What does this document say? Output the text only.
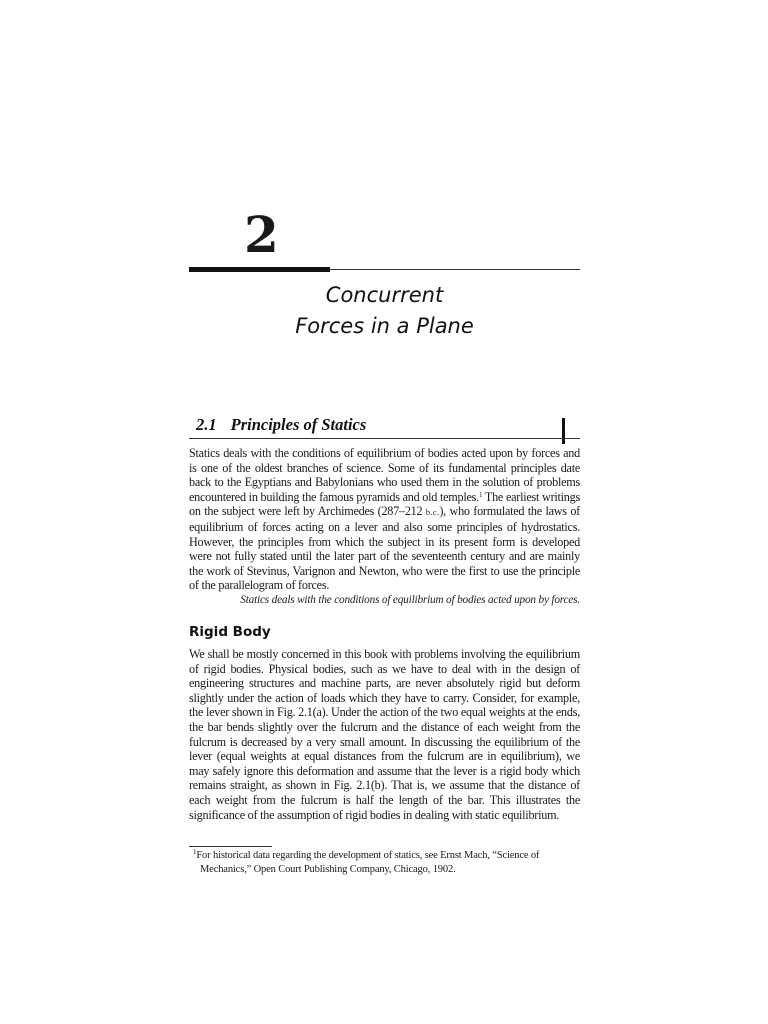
2
Concurrent
Forces in a Plane
2.1 Principles of Statics
Statics deals with the conditions of equilibrium of bodies acted upon by forces and is one of the oldest branches of science. Some of its fundamental principles date back to the Egyptians and Babylonians who used them in the solution of problems encountered in building the famous pyramids and old temples.$^1$ The earliest writings on the subject were left by Archimedes (287–212 b.c.), who formulated the laws of equilibrium of forces acting on a lever and also some principles of hydrostatics. However, the principles from which the subject in its present form is developed were not fully stated until the later part of the seventeenth century and are mainly the work of Stevinus, Varignon and Newton, who were the first to use the principle of the parallelogram of forces.
Statics deals with the conditions of equilibrium of bodies acted upon by forces.
Rigid Body
We shall be mostly concerned in this book with problems involving the equilibrium of rigid bodies. Physical bodies, such as we have to deal with in the design of engineering structures and machine parts, are never absolutely rigid but deform slightly under the action of loads which they have to carry. Consider, for example, the lever shown in Fig. 2.1(a). Under the action of the two equal weights at the ends, the bar bends slightly over the fulcrum and the distance of each weight from the fulcrum is decreased by a very small amount. In discussing the equilibrium of the lever (equal weights at equal distances from the fulcrum are in equilibrium), we may safely ignore this deformation and assume that the lever is a rigid body which remains straight, as shown in Fig. 2.1(b). That is, we assume that the distance of each weight from the fulcrum is half the length of the bar. This illustrates the significance of the assumption of rigid bodies in dealing with static equilibrium.
$^1$For historical data regarding the development of statics, see Ernst Mach, “Science of
Mechanics,” Open Court Publishing Company, Chicago, 1902.
